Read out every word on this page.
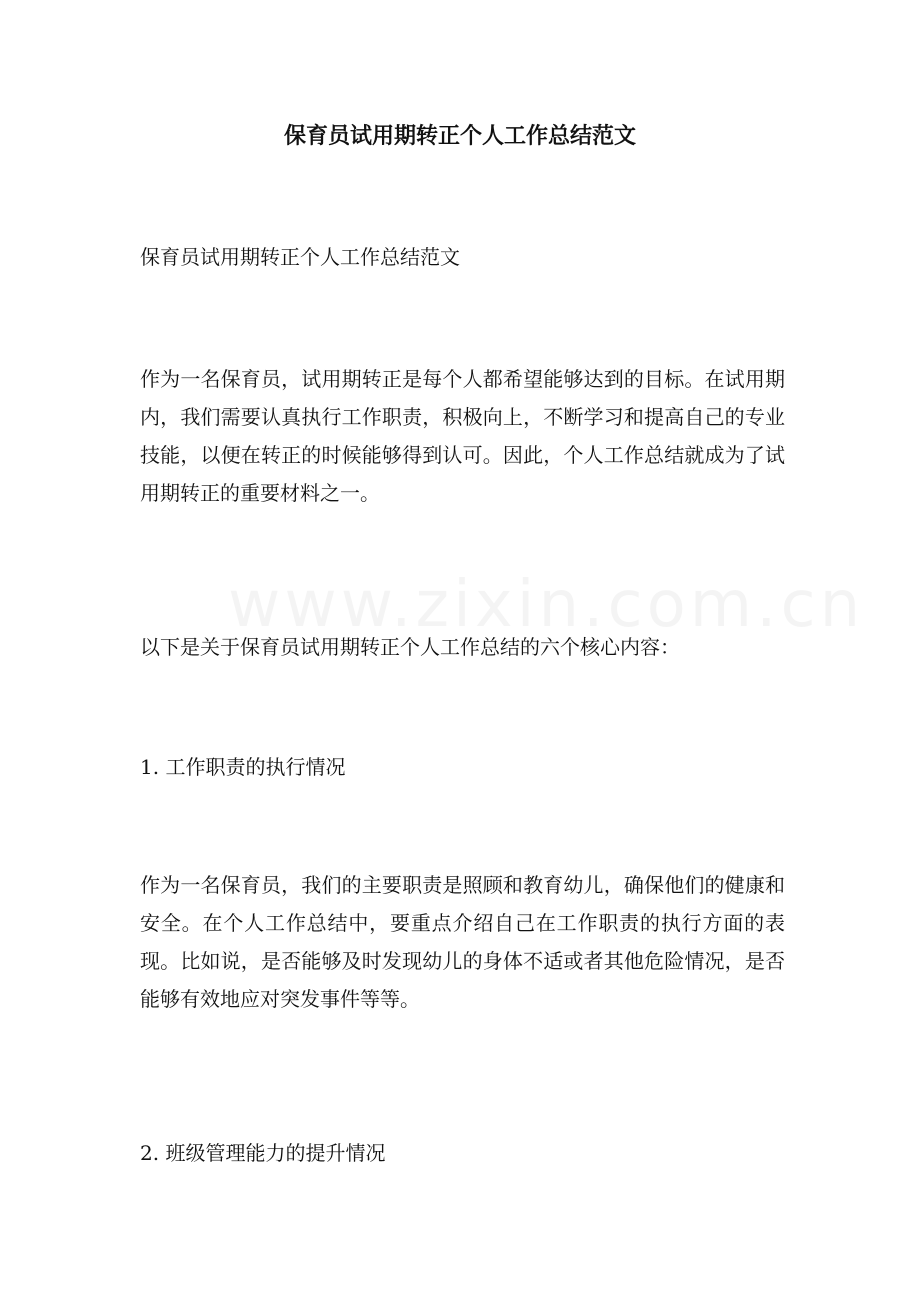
保育员试用期转正个人工作总结范文

保育员试用期转正个人工作总结范文

作为一名保育员，试用期转正是每个人都希望能够达到的目标。在试用期内，我们需要认真执行工作职责，积极向上，不断学习和提高自己的专业技能，以便在转正的时候能够得到认可。因此，个人工作总结就成为了试用期转正的重要材料之一。

以下是关于保育员试用期转正个人工作总结的六个核心内容：

1. 工作职责的执行情况

作为一名保育员，我们的主要职责是照顾和教育幼儿，确保他们的健康和安全。在个人工作总结中，要重点介绍自己在工作职责的执行方面的表现。比如说，是否能够及时发现幼儿的身体不适或者其他危险情况，是否能够有效地应对突发事件等等。

2. 班级管理能力的提升情况
